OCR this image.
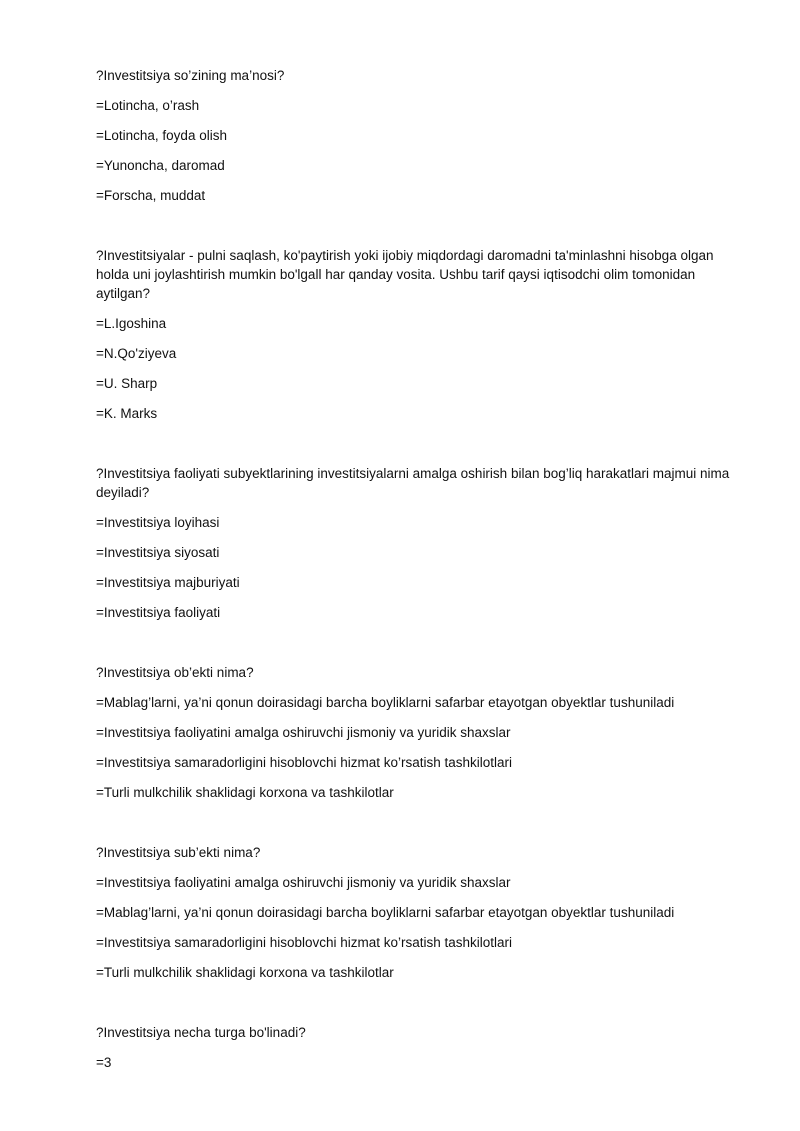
?Investitsiya so’zining ma’nosi?

=Lotincha, o’rash

=Lotincha, foyda olish

=Yunoncha, daromad

=Forscha, muddat

?Investitsiyalar - pulni saqlash, ko'paytirish yoki ijobiy miqdordagi daromadni ta'minlashni hisobga olgan holda uni joylashtirish mumkin bo'lgall har qanday vosita. Ushbu tarif qaysi iqtisodchi olim tomonidan aytilgan?

=L.Igoshina

=N.Qo'ziyeva

=U. Sharp

=K. Marks

?Investitsiya faoliyati subyektlarining investitsiyalarni amalga oshirish bilan bog’liq harakatlari majmui nima deyiladi?

=Investitsiya loyihasi

=Investitsiya siyosati

=Investitsiya majburiyati

=Investitsiya faoliyati

?Investitsiya ob’ekti nima?

=Mablag’larni, ya’ni qonun doirasidagi barcha boyliklarni safarbar etayotgan obyektlar tushuniladi

=Investitsiya faoliyatini amalga oshiruvchi jismoniy va yuridik shaxslar

=Investitsiya samaradorligini hisoblovchi hizmat ko’rsatish tashkilotlari

=Turli mulkchilik shaklidagi korxona va tashkilotlar

?Investitsiya sub’ekti nima?

=Investitsiya faoliyatini amalga oshiruvchi jismoniy va yuridik shaxslar

=Mablag’larni, ya’ni qonun doirasidagi barcha boyliklarni safarbar etayotgan obyektlar tushuniladi

=Investitsiya samaradorligini hisoblovchi hizmat ko’rsatish tashkilotlari

=Turli mulkchilik shaklidagi korxona va tashkilotlar

?Investitsiya necha turga bo'linadi?

=3
